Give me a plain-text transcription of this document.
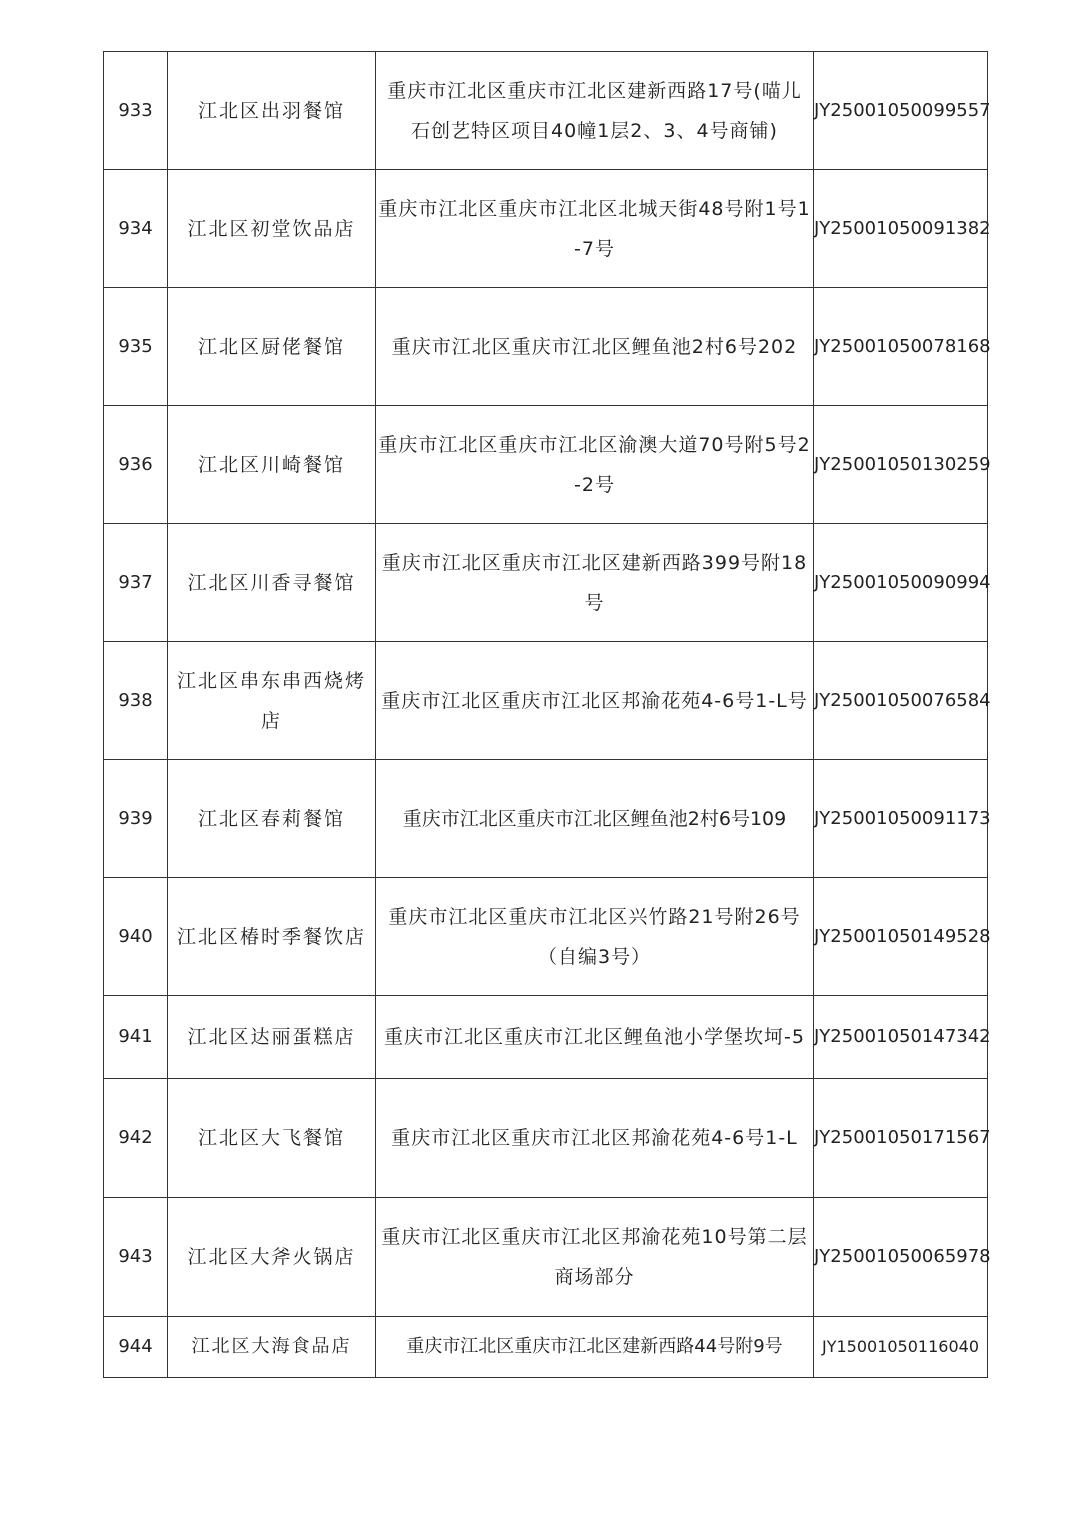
933	江北区出羽餐馆	重庆市江北区重庆市江北区建新西路17号(喵儿石创艺特区项目40幢1层2、3、4号商铺)	JY25001050099557
934	江北区初堂饮品店	重庆市江北区重庆市江北区北城天街48号附1号1-7号	JY25001050091382
935	江北区厨佬餐馆	重庆市江北区重庆市江北区鲤鱼池2村6号202	JY25001050078168
936	江北区川崎餐馆	重庆市江北区重庆市江北区渝澳大道70号附5号2-2号	JY25001050130259
937	江北区川香寻餐馆	重庆市江北区重庆市江北区建新西路399号附18号	JY25001050090994
938	江北区串东串西烧烤店	重庆市江北区重庆市江北区邦渝花苑4-6号1-L号	JY25001050076584
939	江北区春莉餐馆	重庆市江北区重庆市江北区鲤鱼池2村6号109	JY25001050091173
940	江北区椿时季餐饮店	重庆市江北区重庆市江北区兴竹路21号附26号（自编3号）	JY25001050149528
941	江北区达丽蛋糕店	重庆市江北区重庆市江北区鲤鱼池小学堡坎坷-5	JY25001050147342
942	江北区大飞餐馆	重庆市江北区重庆市江北区邦渝花苑4-6号1-L	JY25001050171567
943	江北区大斧火锅店	重庆市江北区重庆市江北区邦渝花苑10号第二层商场部分	JY25001050065978
944	江北区大海食品店	重庆市江北区重庆市江北区建新西路44号附9号	JY15001050116040
